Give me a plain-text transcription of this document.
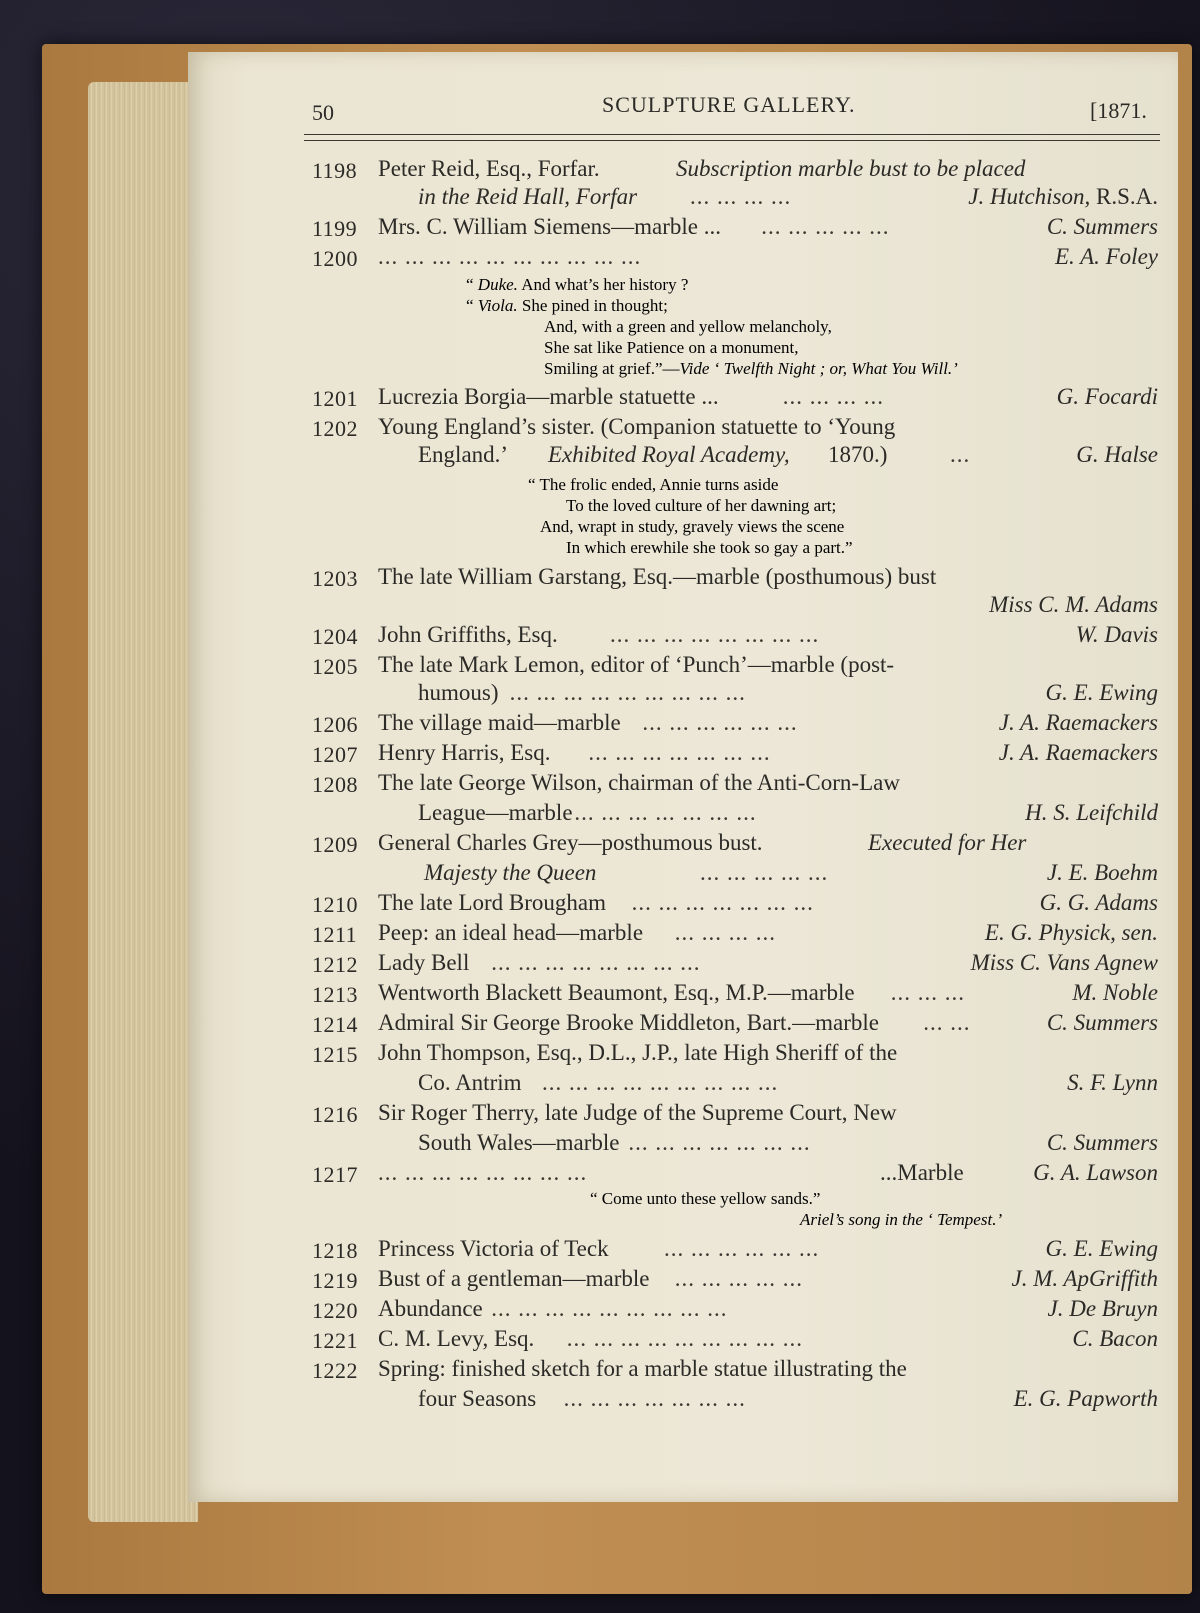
50	SCULPTURE GALLERY.	[1871.
1198 Peter Reid, Esq., Forfar.	Subscription marble bust to be placed
in the Reid Hall, Forfar ... ... ... ...	J. Hutchison, R.S.A.
1199 Mrs. C. William Siemens—marble ... ... ... ... ... ...	C. Summers
1200 ... ... ... ... ... ... ... ... ... ...	E. A. Foley
1201 Lucrezia Borgia—marble statuette ...	... ... ... ...	G. Focardi
1202 Young England’s sister. (Companion statuette to ‘Young
England.’ Exhibited Royal Academy, 1870.)	...	G. Halse
1203 The late William Garstang, Esq.—marble (posthumous) bust
Miss C. M. Adams
1204 John Griffiths, Esq. ... ... ... ... ... ... ... ...	W. Davis
1205 The late Mark Lemon, editor of ‘Punch’—marble (post-
humous) ... ... ... ... ... ... ... ... ...	G. E. Ewing
1206 The village maid—marble ... ... ... ... ... ...	J. A. Raemackers
1207 Henry Harris, Esq. ... ... ... ... ... ... ...	J. A. Raemackers
1208 The late George Wilson, chairman of the Anti-Corn-Law
League—marble ... ... ... ... ... ... ...	H. S. Leifchild
1209 General Charles Grey—posthumous bust.	Executed for Her
Majesty the Queen	... ... ... ... ...	J. E. Boehm
1210 The late Lord Brougham ... ... ... ... ... ... ...	G. G. Adams
1211 Peep: an ideal head—marble ... ... ... ...	E. G. Physick, sen.
1212 Lady Bell ... ... ... ... ... ... ... ...	Miss C. Vans Agnew
1213 Wentworth Blackett Beaumont, Esq., M.P.—marble ... ... ...	M. Noble
1214 Admiral Sir George Brooke Middleton, Bart.—marble ... ...	C. Summers
1215 John Thompson, Esq., D.L., J.P., late High Sheriff of the
Co. Antrim ... ... ... ... ... ... ... ... ...	S. F. Lynn
1216 Sir Roger Therry, late Judge of the Supreme Court, New
South Wales—marble ... ... ... ... ... ... ...	C. Summers
1217 ... ... ... ... ... ... ... ...	...Marble	G. A. Lawson
1218 Princess Victoria of Teck ... ... ... ... ... ...	G. E. Ewing
1219 Bust of a gentleman—marble ... ... ... ... ...	J. M. ApGriffith
1220 Abundance ... ... ... ... ... ... ... ... ...	J. De Bruyn
1221 C. M. Levy, Esq. ... ... ... ... ... ... ... ... ...	C. Bacon
1222 Spring: finished sketch for a marble statue illustrating the
four Seasons ... ... ... ... ... ... ...	E. G. Papworth
“ Duke. And what’s her history ?
“ Viola. She pined in thought;
And, with a green and yellow melancholy,
She sat like Patience on a monument,
Smiling at grief.”—Vide ‘ Twelfth Night ; or, What You Will.’
“ The frolic ended, Annie turns aside
To the loved culture of her dawning art;
And, wrapt in study, gravely views the scene
In which erewhile she took so gay a part.”
“ Come unto these yellow sands.”
Ariel’s song in the ‘ Tempest.’
